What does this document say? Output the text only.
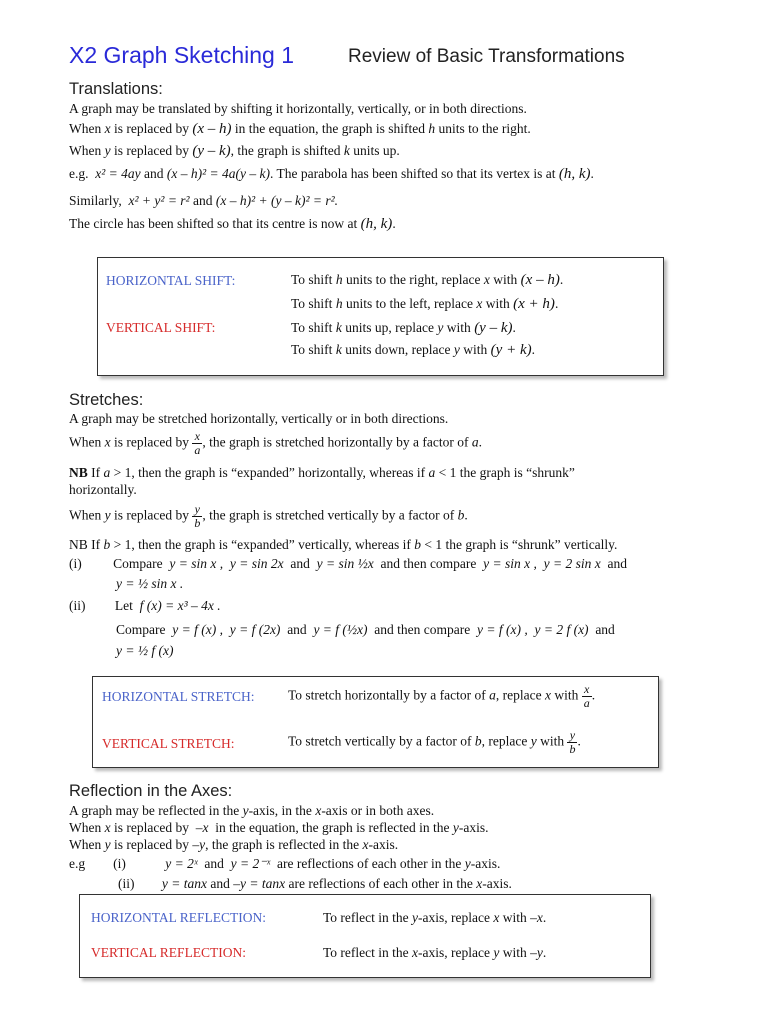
X2 Graph Sketching 1	Review of Basic Transformations
Translations:
A graph may be translated by shifting it horizontally, vertically, or in both directions.
When x is replaced by (x – h) in the equation, the graph is shifted h units to the right.
When y is replaced by (y – k), the graph is shifted k units up.
e.g. x² = 4ay and (x – h)² = 4a(y – k). The parabola has been shifted so that its vertex is at (h, k).
Similarly, x² + y² = r² and (x – h)² + (y – k)² = r².
The circle has been shifted so that its centre is now at (h, k).
HORIZONTAL SHIFT:	To shift h units to the right, replace x with (x – h).
To shift h units to the left, replace x with (x + h).
VERTICAL SHIFT:	To shift k units up, replace y with (y – k).
To shift k units down, replace y with (y + k).
Stretches:
A graph may be stretched horizontally, vertically or in both directions.
When x is replaced by $\frac{x}{a}$ , the graph is stretched horizontally by a factor of a.
NB If a > 1, then the graph is “expanded” horizontally, whereas if a < 1 the graph is “shrunk”
horizontally.
When y is replaced by $\frac{y}{b}$ , the graph is stretched vertically by a factor of b.
NB If b > 1, then the graph is “expanded” vertically, whereas if b < 1 the graph is “shrunk” vertically.
(i) Compare y = sin x , y = sin 2x and y = sin ½x and then compare y = sin x , y = 2 sin x and
y = ½ sin x .
(ii) Let f (x) = x³ – 4x .
Compare y = f (x) , y = f (2x) and y = f (½x) and then compare y = f (x) , y = 2 f (x) and
y = ½ f (x)
HORIZONTAL STRETCH: To stretch horizontally by a factor of a, replace x with $\frac{x}{a}$ .
VERTICAL STRETCH:	To stretch vertically by a factor of b, replace y with $\frac{y}{b}$ .
Reflection in the Axes:
A graph may be reflected in the y-axis, in the x-axis or in both axes.
When x is replaced by –x in the equation, the graph is reflected in the y-axis.
When y is replaced by –y, the graph is reflected in the x-axis.
e.g (i)	y = 2ˣ and y = 2⁻ˣ are reflections of each other in the y-axis.
(ii) y = tanx and –y = tanx are reflections of each other in the x-axis.
HORIZONTAL REFLECTION:	To reflect in the y-axis, replace x with –x.
VERTICAL REFLECTION:	To reflect in the x-axis, replace y with –y.
